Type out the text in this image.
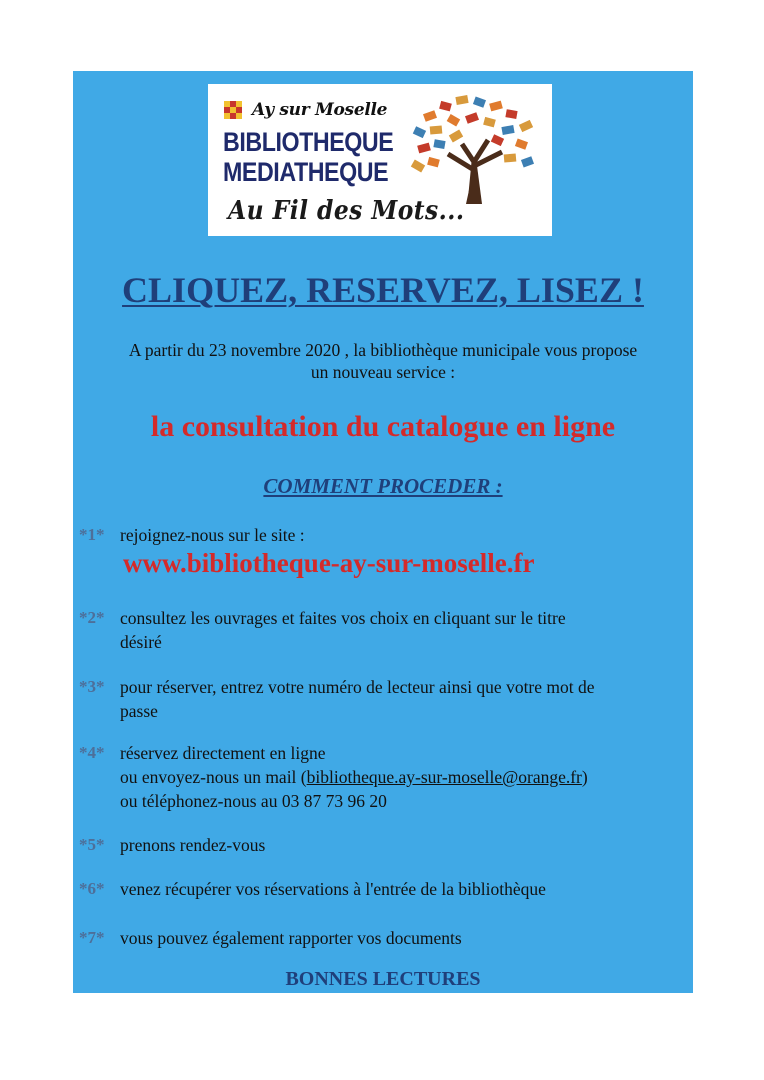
Ay sur Moselle
BIBLIOTHEQUE
MEDIATHEQUE
Au Fil des Mots...
CLIQUEZ, RESERVEZ, LISEZ !
A partir du 23 novembre 2020 , la bibliothèque municipale vous propose
un nouveau service :
la consultation du catalogue en ligne
COMMENT PROCEDER :
*1* rejoignez-nous sur le site :
www.bibliotheque-ay-sur-moselle.fr
*2* consultez les ouvrages et faites vos choix en cliquant sur le titre
désiré
*3* pour réserver, entrez votre numéro de lecteur ainsi que votre mot de
passe
*4* réservez directement en ligne
ou envoyez-nous un mail (bibliotheque.ay-sur-moselle@orange.fr)
ou téléphonez-nous au 03 87 73 96 20
*5* prenons rendez-vous
*6* venez récupérer vos réservations à l'entrée de la bibliothèque
*7* vous pouvez également rapporter vos documents
BONNES LECTURES
